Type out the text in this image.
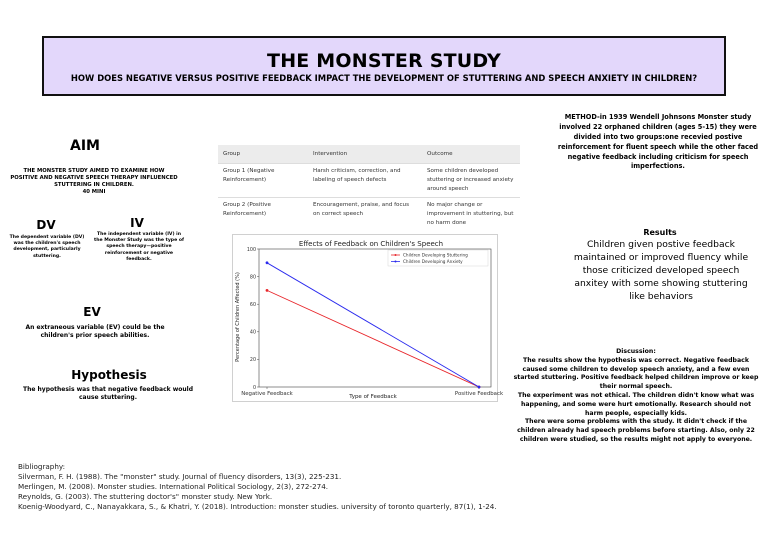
THE MONSTER STUDY
HOW DOES NEGATIVE VERSUS POSITIVE FEEDBACK IMPACT THE DEVELOPMENT OF STUTTERING AND SPEECH ANXIETY IN CHILDREN?
AIM
THE MONSTER STUDY AIMED TO EXAMINE HOW POSITIVE AND NEGATIVE SPEECH THERAPY INFLUENCED STUTTERING IN CHILDREN.
40 MINI
DV
The dependent variable (DV) was the children's speech development, particularly stuttering.
IV
The independent variable (IV) in the Monster Study was the type of speech therapy—positive reinforcement or negative feedback.
EV
An extraneous variable (EV) could be the children's prior speech abilities.
Hypothesis
The hypothesis was that negative feedback would cause stuttering.
Group	Intervention	Outcome
Group 1 (Negative Reinforcement)	Harsh criticism, correction, and labeling of speech defects	Some children developed stuttering or increased anxiety around speech
Group 2 (Positive Reinforcement)	Encouragement, praise, and focus on correct speech	No major change or improvement in stuttering, but no harm done
Effects of Feedback on Children's Speech
Type of Feedback
Percentage of Children Affected (%)
0
20
40
60
80
100
Negative Feedback	Positive Feedback
Children Developing Stuttering
Children Developing Anxiety
METHOD-in 1939 Wendell Johnsons Monster study involved 22 orphaned children (ages 5-15) they were divided into two groups:one recevied postive reinforcement for fluent speech while the other faced negative feedback including criticism for speech imperfections.
Results
Children given postive feedback maintained or improved fluency while those criticized developed speech anxitey with some showing stuttering like behaviors
Discussion:
The results show the hypothesis was correct. Negative feedback caused some children to develop speech anxiety, and a few even started stuttering. Positive feedback helped children improve or keep their normal speech.
The experiment was not ethical. The children didn't know what was happening, and some were hurt emotionally. Research should not harm people, especially kids.
There were some problems with the study. It didn't check if the children already had speech problems before starting. Also, only 22 children were studied, so the results might not apply to everyone.
Bibliography:
Silverman, F. H. (1988). The "monster" study. Journal of fluency disorders, 13(3), 225-231.
Merlingen, M. (2008). Monster studies. International Political Sociology, 2(3), 272-274.
Reynolds, G. (2003). The stuttering doctor's" monster study. New York.
Koenig-Woodyard, C., Nanayakkara, S., & Khatri, Y. (2018). Introduction: monster studies. university of toronto quarterly, 87(1), 1-24.
